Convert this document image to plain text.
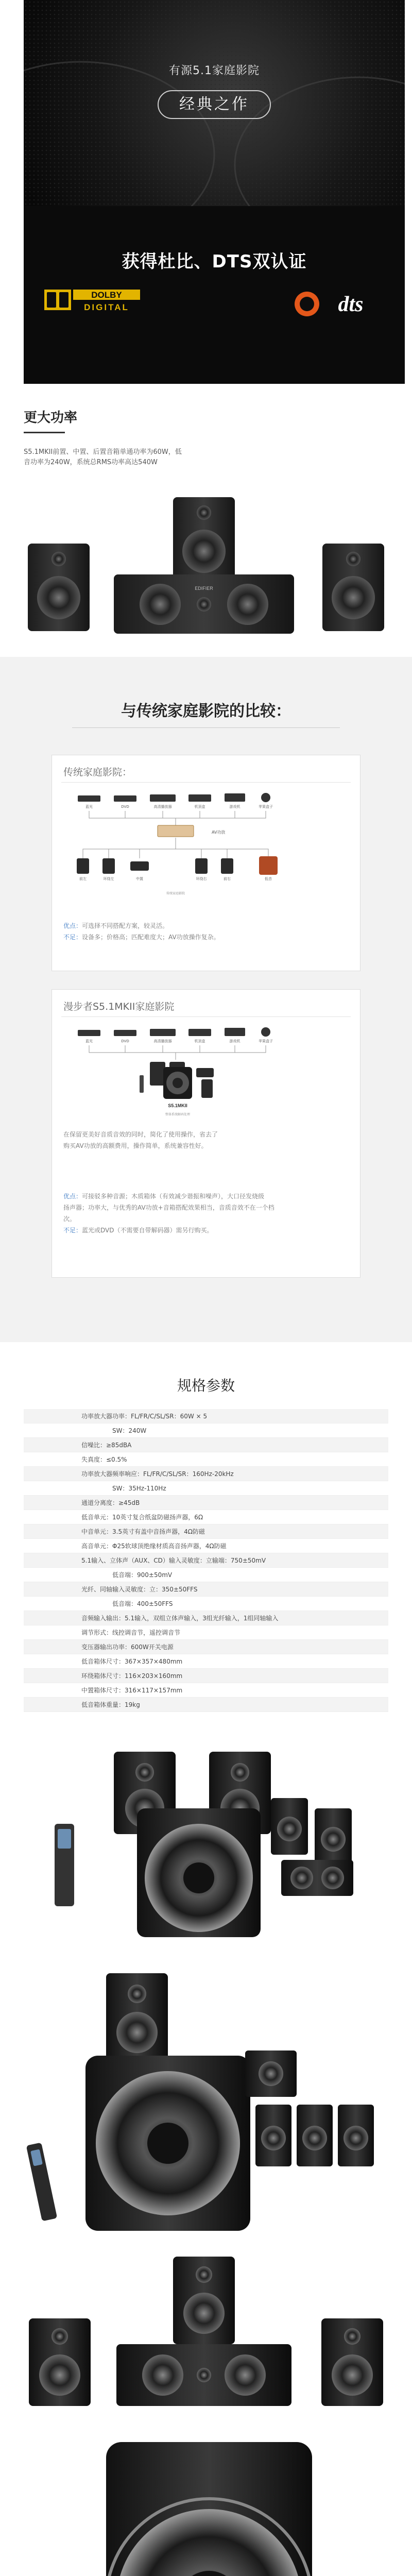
有源5.1家庭影院
经典之作
获得杜比、DTS双认证
DOLBY
DIGITAL	dts
更大功率
S5.1MKII前置、中置、后置音箱单通功率为60W，低
音功率为240W，系统总RMS功率高达540W
EDIFIER
与传统家庭影院的比较：
传统家庭影院：
蓝光	DVD	高清播放器	机顶盒	游戏机	苹果盒子
AV功放
前左	环绕左	中置	环绕右	前右	低音
传统家庭影院
优点：可选择不同搭配方案，较灵活。
不足：设备多；价格高；匹配难度大；AV功放操作复杂。
漫步者S5.1MKII家庭影院
蓝光	DVD	高清播放器	机顶盒	游戏机	苹果盒子
S5.1MKII
整体系统解码处理
在保留更美好音质音效的同时，简化了使用操作，省去了
购买AV功放的高额费用，操作简单，系统兼容性好。
优点：可接驳多种音源；木质箱体（有效减少谐振和噪声），大口径发烧级
扬声器；功率大，与优秀的AV功放+音箱搭配效果相当，音质音效不在一个档
次。
不足：蓝光或DVD（不需要自带解码器）需另行购买。
规格参数
功率放大器功率：FL/FR/C/SL/SR：60W × 5
　　　　　SW：240W
信噪比：≥85dBA
失真度：≤0.5%
功率放大器频率响应：FL/FR/C/SL/SR：160Hz-20kHz
　　　　　SW：35Hz-110Hz
通道分离度：≥45dB
低音单元：10英寸复合纸盆防磁扬声器，6Ω
中音单元：3.5英寸有盖中音扬声器，4Ω防磁
高音单元：Φ25软球顶绝缘材质高音扬声器，4Ω防磁
5.1输入、立体声（AUX、CD）输入灵敏度：立输端：750±50mV
　　　　　低音端：900±50mV
光纤、同轴输入灵敏度：立：350±50FFS
　　　　　低音端：400±50FFS
音频输入输出：5.1输入，双组立体声输入，3组光纤输入，1组同轴输入
调节形式：线控调音节，遥控调音节
变压器输出功率：600W开关电源
低音箱体尺寸：367×357×480mm
环绕箱体尺寸：116×203×160mm
中置箱体尺寸：316×117×157mm
低音箱体重量：19kg
